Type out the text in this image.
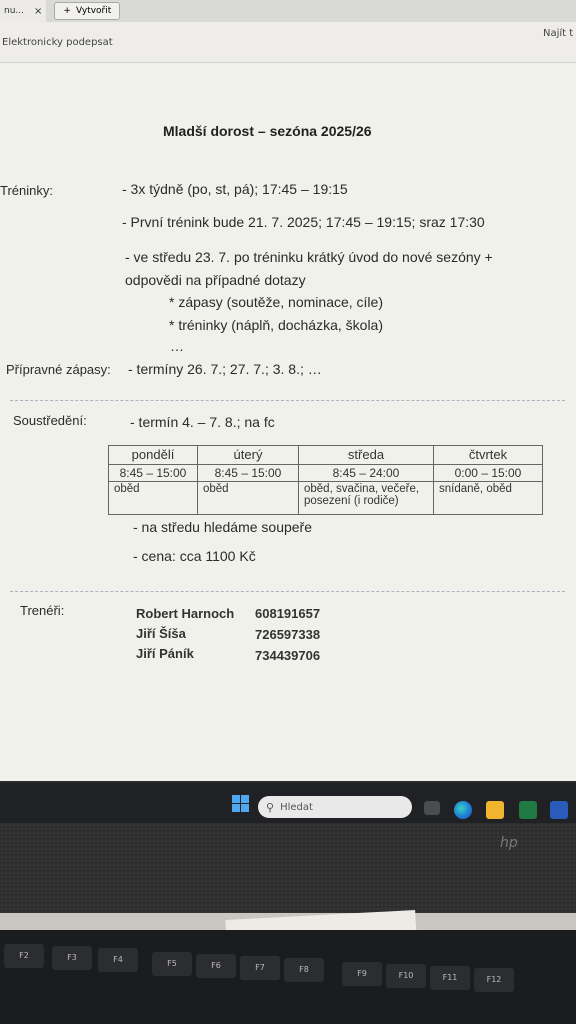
nu... × + Vytvořit
Elektronicky podepsat
Najít t
Mladší dorost – sezóna 2025/26
Tréninky:	- 3x týdně (po, st, pá); 17:45 – 19:15
- První trénink bude 21. 7. 2025; 17:45 – 19:15; sraz 17:30
- ve středu 23. 7. po tréninku krátký úvod do nové sezóny +
odpovědi na případné dotazy
* zápasy (soutěže, nominace, cíle)
* tréninky (náplň, docházka, škola)
…
Přípravné zápasy: - termíny 26. 7.; 27. 7.; 3. 8.; …
Soustředění:	- termín 4. – 7. 8.; na fc
pondělí	úterý	středa	čtvrtek
8:45 – 15:00	8:45 – 15:00	8:45 – 24:00	0:00 – 15:00
oběd	oběd	oběd, svačina, večeře, posezení (i rodiče)	snídaně, oběd
- na středu hledáme soupeře
- cena: cca 1100 Kč
Trenéři:	Robert Harnoch 608191657
Jiří Šíša	726597338
Jiří Páník	734439706
⚲ Hledat
hp
F2	F3	F4	F5	F6	F7	F8	F9	F10	F11	F12
